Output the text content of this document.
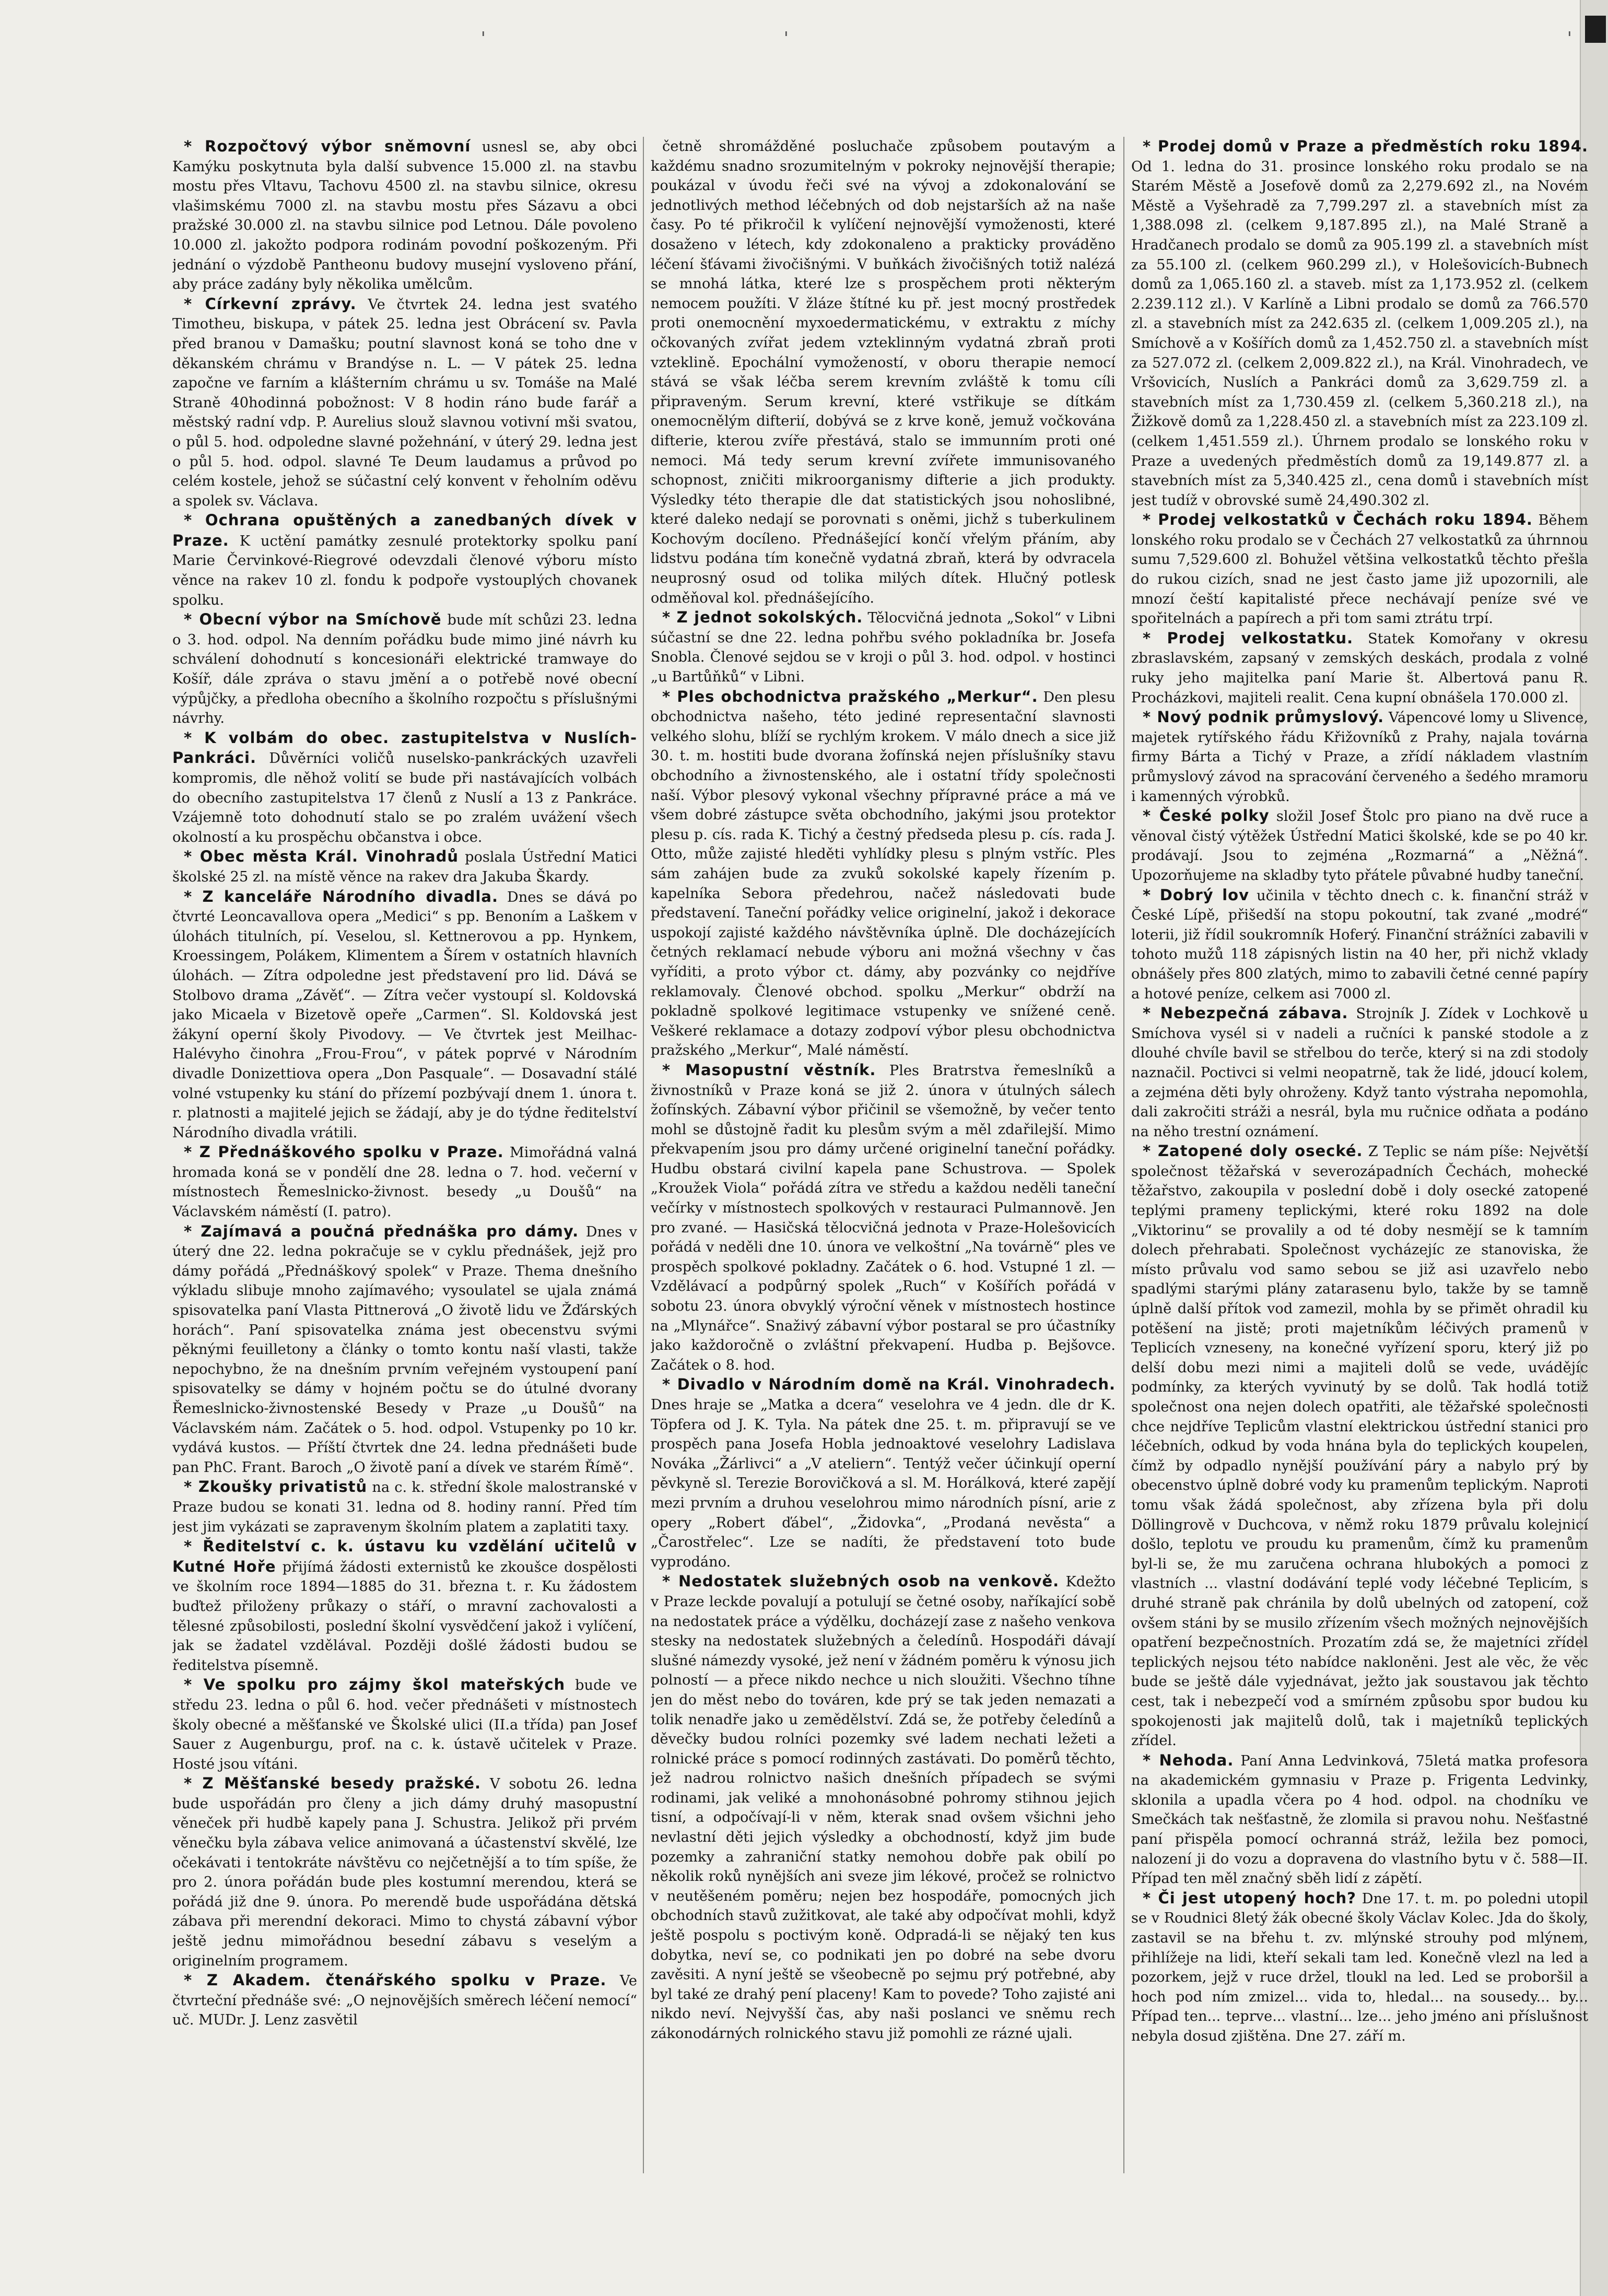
ˈ	ˈ	ˈ

* Rozpočtový výbor sněmovní usnesl se, aby obci Kamýku poskytnuta byla další subvence 15.000 zl. na stavbu mostu přes Vltavu, Tachovu 4500 zl. na stavbu silnice, okresu vlašimskému 7000 zl. na stavbu mostu přes Sázavu a obci pražské 30.000 zl. na stavbu silnice pod Letnou. Dále povoleno 10.000 zl. jakožto podpora rodinám povodní poškozeným. Při jednání o výzdobě Pantheonu budovy musejní vysloveno přání, aby práce zadány byly několika umělcům.

* Církevní zprávy. Ve čtvrtek 24. ledna jest svatého Timotheu, biskupa, v pátek 25. ledna jest Obrácení sv. Pavla před branou v Damašku; poutní slavnost koná se toho dne v děkanském chrámu v Brandýse n. L. — V pátek 25. ledna započne ve farním a klášterním chrámu u sv. Tomáše na Malé Straně 40hodinná pobožnost: V 8 hodin ráno bude farář a městský radní vdp. P. Aurelius slouž slavnou votivní mši svatou, o půl 5. hod. odpoledne slavné požehnání, v úterý 29. ledna jest o půl 5. hod. odpol. slavné Te Deum laudamus a průvod po celém kostele, jehož se súčastní celý konvent v řeholním oděvu a spolek sv. Václava.

* Ochrana opuštěných a zanedbaných dívek v Praze. K uctění památky zesnulé protektorky spolku paní Marie Červinkové-Riegrové odevzdali členové výboru místo věnce na rakev 10 zl. fondu k podpoře vystouplých chovanek spolku.

* Obecní výbor na Smíchově bude mít schůzi 23. ledna o 3. hod. odpol. Na denním pořádku bude mimo jiné návrh ku schválení dohodnutí s koncesionáři elektrické tramwaye do Košíř, dále zpráva o stavu jmění a o potřebě nové obecní výpůjčky, a předloha obecního a školního rozpočtu s příslušnými návrhy.

* K volbám do obec. zastupitelstva v Nuslích-Pankráci. Důvěrníci voličů nuselsko-pankráckých uzavřeli kompromis, dle něhož volití se bude při nastávajících volbách do obecního zastupitelstva 17 členů z Nuslí a 13 z Pankráce. Vzájemně toto dohodnutí stalo se po zralém uvážení všech okolností a ku prospěchu občanstva i obce.

* Obec města Král. Vinohradů poslala Ústřední Matici školské 25 zl. na místě věnce na rakev dra Jakuba Škardy.

* Z kanceláře Národního divadla. Dnes se dává po čtvrté Leoncavallova opera „Medici“ s pp. Benoním a Laškem v úlohách titulních, pí. Veselou, sl. Kettnerovou a pp. Hynkem, Kroessingem, Polákem, Klimentem a Šírem v ostatních hlavních úlohách. — Zítra odpoledne jest představení pro lid. Dává se Stolbovo drama „Závěť“. — Zítra večer vystoupí sl. Koldovská jako Micaela v Bizetově opeře „Carmen“. Sl. Koldovská jest žákyní operní školy Pivodovy. — Ve čtvrtek jest Meilhac-Halévyho činohra „Frou-Frou“, v pátek poprvé v Národním divadle Donizettiova opera „Don Pasquale“. — Dosavadní stálé volné vstupenky ku stání do přízemí pozbývají dnem 1. února t. r. platnosti a majitelé jejich se žádají, aby je do týdne ředitelství Národního divadla vrátili.

* Z Přednáškového spolku v Praze. Mimořádná valná hromada koná se v pondělí dne 28. ledna o 7. hod. večerní v místnostech Řemeslnicko-živnost. besedy „u Doušů“ na Václavském náměstí (I. patro).

* Zajímavá a poučná přednáška pro dámy. Dnes v úterý dne 22. ledna pokračuje se v cyklu přednášek, jejž pro dámy pořádá „Přednáškový spolek“ v Praze. Thema dnešního výkladu slibuje mnoho zajímavého; vysoulatel se ujala známá spisovatelka paní Vlasta Pittnerová „O životě lidu ve Žďárských horách“. Paní spisovatelka známa jest obecenstvu svými pěknými feuilletony a články o tomto kontu naší vlasti, takže nepochybno, že na dnešním prvním veřejném vystoupení paní spisovatelky se dámy v hojném počtu se do útulné dvorany Řemeslnicko-živnostenské Besedy v Praze „u Doušů“ na Václavském nám. Začátek o 5. hod. odpol. Vstupenky po 10 kr. vydává kustos. — Příští čtvrtek dne 24. ledna přednášeti bude pan PhC. Frant. Baroch „O životě paní a dívek ve starém Římě“.

* Zkoušky privatistů na c. k. střední škole malostranské v Praze budou se konati 31. ledna od 8. hodiny ranní. Před tím jest jim vykázati se zapravenym školním platem a zaplatiti taxy.

* Ředitelství c. k. ústavu ku vzdělání učitelů v Kutné Hoře přijímá žádosti externistů ke zkoušce dospělosti ve školním roce 1894—1885 do 31. března t. r. Ku žádostem buďtež přiloženy průkazy o stáří, o mravní zachovalosti a tělesné způsobilosti, poslední školní vysvědčení jakož i vylíčení, jak se žadatel vzdělával. Později došlé žádosti budou se ředitelstva písemně.

* Ve spolku pro zájmy škol mateřských bude ve středu 23. ledna o půl 6. hod. večer přednášeti v místnostech školy obecné a měšťanské ve Školské ulici (II.a třída) pan Josef Sauer z Augenburgu, prof. na c. k. ústavě učitelek v Praze. Hosté jsou vítáni.

* Z Měšťanské besedy pražské. V sobotu 26. ledna bude uspořádán pro členy a jich dámy druhý masopustní věneček při hudbě kapely pana J. Schustra. Jelikož při prvém věnečku byla zábava velice animovaná a účastenství skvělé, lze očekávati i tentokráte návštěvu co nejčetnější a to tím spíše, že pro 2. února pořádán bude ples kostumní merendou, která se pořádá již dne 9. února. Po merendě bude uspořádána dětská zábava při merendní dekoraci. Mimo to chystá zábavní výbor ještě jednu mimořádnou besední zábavu s veselým a originelním programem.

* Z Akadem. čtenářského spolku v Praze. Ve čtvrteční přednáše své: „O nejnovějších směrech léčení nemocí“ uč. MUDr. J. Lenz zasvětil

četně shromážděné posluchače způsobem poutavým a každému snadno srozumitelným v pokroky nejnovější therapie; poukázal v úvodu řeči své na vývoj a zdokonalování se jednotlivých method léčebných od dob nejstarších až na naše časy. Po té přikročil k vylíčení nejnovější vymoženosti, které dosaženo v létech, kdy zdokonaleno a prakticky prováděno léčení šťávami živočišnými. V buňkách živočišných totiž nalézá se mnohá látka, které lze s prospěchem proti některým nemocem použíti. V žláze štítné ku př. jest mocný prostředek proti onemocnění myxoedermatickému, v extraktu z míchy očkovaných zvířat jedem vzteklinným vydatná zbraň proti vzteklině. Epochální vymožeností, v oboru therapie nemocí stává se však léčba serem krevním zvláště k tomu cíli připraveným. Serum krevní, které vstřikuje se dítkám onemocnělým difterií, dobývá se z krve koně, jemuž vočkována difterie, kterou zvíře přestává, stalo se immunním proti oné nemoci. Má tedy serum krevní zvířete immunisovaného schopnost, zničiti mikroorganismy difterie a jich produkty. Výsledky této therapie dle dat statistických jsou nohoslibné, které daleko nedají se porovnati s oněmi, jichž s tuberkulinem Kochovým docíleno. Přednášející končí vřelým přáním, aby lidstvu podána tím konečně vydatná zbraň, která by odvracela neuprosný osud od tolika milých dítek. Hlučný potlesk odměňoval kol. přednášejícího.

* Z jednot sokolských. Tělocvičná jednota „Sokol“ v Libni súčastní se dne 22. ledna pohřbu svého pokladníka br. Josefa Snobla. Členové sejdou se v kroji o půl 3. hod. odpol. v hostinci „u Bartůňků“ v Libni.

* Ples obchodnictva pražského „Merkur“. Den plesu obchodnictva našeho, této jediné representační slavnosti velkého slohu, blíží se rychlým krokem. V málo dnech a sice již 30. t. m. hostiti bude dvorana žofínská nejen příslušníky stavu obchodního a živnostenského, ale i ostatní třídy společnosti naší. Výbor plesový vykonal všechny přípravné práce a má ve všem dobré zástupce světa obchodního, jakými jsou protektor plesu p. cís. rada K. Tichý a čestný předseda plesu p. cís. rada J. Otto, může zajisté hleděti vyhlídky plesu s plným vstříc. Ples sám zahájen bude za zvuků sokolské kapely řízením p. kapelníka Sebora předehrou, načež následovati bude představení. Taneční pořádky velice originelní, jakož i dekorace uspokojí zajisté každého návštěvníka úplně. Dle docházejících četných reklamací nebude výboru ani možná všechny v čas vyříditi, a proto výbor ct. dámy, aby pozvánky co nejdříve reklamovaly. Členové obchod. spolku „Merkur“ obdrží na pokladně spolkové legitimace vstupenky ve snížené ceně. Veškeré reklamace a dotazy zodpoví výbor plesu obchodnictva pražského „Merkur“, Malé náměstí.

* Masopustní věstník. Ples Bratrstva řemeslníků a živnostníků v Praze koná se již 2. února v útulných sálech žofínských. Zábavní výbor přičinil se všemožně, by večer tento mohl se důstojně řadit ku plesům svým a měl zdařilejší. Mimo překvapením jsou pro dámy určené originelní taneční pořádky. Hudbu obstará civilní kapela pane Schustrova. — Spolek „Kroužek Viola“ pořádá zítra ve středu a každou neděli taneční večírky v místnostech spolkových v restauraci Pulmannově. Jen pro zvané. — Hasičská tělocvičná jednota v Praze-Holešovicích pořádá v neděli dne 10. února ve velkoštní „Na továrně“ ples ve prospěch spolkové pokladny. Začátek o 6. hod. Vstupné 1 zl. — Vzdělávací a podpůrný spolek „Ruch“ v Košířích pořádá v sobotu 23. února obvyklý výroční věnek v místnostech hostince na „Mlynářce“. Snaživý zábavní výbor postaral se pro účastníky jako každoročně o zvláštní překvapení. Hudba p. Bejšovce. Začátek o 8. hod.

* Divadlo v Národním domě na Král. Vinohradech. Dnes hraje se „Matka a dcera“ veselohra ve 4 jedn. dle dr K. Töpfera od J. K. Tyla. Na pátek dne 25. t. m. připravují se ve prospěch pana Josefa Hobla jednoaktové veselohry Ladislava Nováka „Žárlivci“ a „V ateliern“. Tentýž večer účinkují operní pěvkyně sl. Terezie Borovičková a sl. M. Horálková, které zapějí mezi prvním a druhou veselohrou mimo národních písní, arie z opery „Robert ďábel“, „Židovka“, „Prodaná nevěsta“ a „Čarostřelec“. Lze se nadíti, že představení toto bude vyprodáno.

* Nedostatek služebných osob na venkově. Kdežto v Praze leckde povalují a potulují se četné osoby, naříkající sobě na nedostatek práce a výdělku, docházejí zase z našeho venkova stesky na nedostatek služebných a čeledínů. Hospodáři dávají slušné námezdy vysoké, jež není v žádném poměru k výnosu jich polností — a přece nikdo nechce u nich sloužiti. Všechno tíhne jen do měst nebo do továren, kde prý se tak jeden nemazati a tolik nenadře jako u zemědělství. Zdá se, že potřeby čeledínů a děvečky budou rolníci pozemky své ladem nechati ležeti a rolnické práce s pomocí rodinných zastávati. Do poměrů těchto, jež nadrou rolnictvo našich dnešních případech se svými rodinami, jak veliké a mnohonásobné pohromy stihnou jejich tisní, a odpočívají-li v něm, kterak snad ovšem všichni jeho nevlastní děti jejich výsledky a obchodností, když jim bude pozemky a zahraniční statky nemohou dobře pak obilí po několik roků nynějších ani sveze jim lékové, pročež se rolnictvo v neutěšeném poměru; nejen bez hospodáře, pomocných jich obchodních stavů zužitkovat, ale také aby odpočívat mohli, když ještě pospolu s poctivým koně. Odpradá-li se nějaký ten kus dobytka, neví se, co podnikati jen po dobré na sebe dvoru zavěsiti. A nyní ještě se všeobecně po sejmu prý potřebné, aby byl také ze drahý pení placeny! Kam to povede? Toho zajisté ani nikdo neví. Nejvyšší čas, aby naši poslanci ve sněmu rech zákonodárných rolnického stavu již pomohli ze rázné ujali.

* Prodej domů v Praze a předměstích roku 1894. Od 1. ledna do 31. prosince lonského roku prodalo se na Starém Městě a Josefově domů za 2,279.692 zl., na Novém Městě a Vyšehradě za 7,799.297 zl. a stavebních míst za 1,388.098 zl. (celkem 9,187.895 zl.), na Malé Straně a Hradčanech prodalo se domů za 905.199 zl. a stavebních míst za 55.100 zl. (celkem 960.299 zl.), v Holešovicích-Bubnech domů za 1,065.160 zl. a staveb. míst za 1,173.952 zl. (celkem 2.239.112 zl.). V Karlíně a Libni prodalo se domů za 766.570 zl. a stavebních míst za 242.635 zl. (celkem 1,009.205 zl.), na Smíchově a v Košířích domů za 1,452.750 zl. a stavebních míst za 527.072 zl. (celkem 2,009.822 zl.), na Král. Vinohradech, ve Vršovicích, Nuslích a Pankráci domů za 3,629.759 zl. a stavebních míst za 1,730.459 zl. (celkem 5,360.218 zl.), na Žižkově domů za 1,228.450 zl. a stavebních míst za 223.109 zl. (celkem 1,451.559 zl.). Úhrnem prodalo se lonského roku v Praze a uvedených předměstích domů za 19,149.877 zl. a stavebních míst za 5,340.425 zl., cena domů i stavebních míst jest tudíž v obrovské sumě 24,490.302 zl.

* Prodej velkostatků v Čechách roku 1894. Během lonského roku prodalo se v Čechách 27 velkostatků za úhrnnou sumu 7,529.600 zl. Bohužel většina velkostatků těchto přešla do rukou cizích, snad ne jest často jame již upozornili, ale mnozí čeští kapitalisté přece nechávají peníze své ve spořitelnách a papírech a při tom sami ztrátu trpí.

* Prodej velkostatku. Statek Komořany v okresu zbraslavském, zapsaný v zemských deskách, prodala z volné ruky jeho majitelka paní Marie št. Albertová panu R. Procházkovi, majiteli realit. Cena kupní obnášela 170.000 zl.

* Nový podnik průmyslový. Vápencové lomy u Slivence, majetek rytířského řádu Křižovníků z Prahy, najala továrna firmy Bárta a Tichý v Praze, a zřídí nákladem vlastním průmyslový závod na spracování červeného a šedého mramoru i kamenných výrobků.

* České polky složil Josef Štolc pro piano na dvě ruce a věnoval čistý výtěžek Ústřední Matici školské, kde se po 40 kr. prodávají. Jsou to zejména „Rozmarná“ a „Něžná“. Upozorňujeme na skladby tyto přátele půvabné hudby taneční.

* Dobrý lov učinila v těchto dnech c. k. finanční stráž v České Lípě, přišedší na stopu pokoutní, tak zvané „modré“ loterii, již řídil soukromník Hoferý. Finanční strážníci zabavili v tohoto mužů 118 zápisných listin na 40 her, při nichž vklady obnášely přes 800 zlatých, mimo to zabavili četné cenné papíry a hotové peníze, celkem asi 7000 zl.

* Nebezpečná zábava. Strojník J. Zídek v Lochkově u Smíchova vysél si v nadeli a ručníci k panské stodole a z dlouhé chvíle bavil se střelbou do terče, který si na zdi stodoly naznačil. Poctivci si velmi neopatrně, tak že lidé, jdoucí kolem, a zejména děti byly ohroženy. Když tanto výstraha nepomohla, dali zakročiti stráži a nesrál, byla mu ručnice odňata a podáno na něho trestní oznámení.

* Zatopené doly osecké. Z Teplic se nám píše: Největší společnost těžařská v severozápadních Čechách, mohecké těžařstvo, zakoupila v poslední době i doly osecké zatopené teplými prameny teplickými, které roku 1892 na dole „Viktorinu“ se provalily a od té doby nesmějí se k tamním dolech přehrabati. Společnost vycházejíc ze stanoviska, že místo průvalu vod samo sebou se již asi uzavřelo nebo spadlými starými plány zatarasenu bylo, takže by se tamně úplně další přítok vod zamezil, mohla by se přimět ohradil ku potěšení na jistě; proti majetníkům léčivých pramenů v Teplicích vzneseny, na konečné vyřízení sporu, který již po delší dobu mezi nimi a majiteli dolů se vede, uvádějíc podmínky, za kterých vyvinutý by se dolů. Tak hodlá totiž společnost ona nejen dolech opatřiti, ale těžařské společnosti chce nejdříve Teplicům vlastní elektrickou ústřední stanici pro léčebních, odkud by voda hnána byla do teplických koupelen, čímž by odpadlo nynější používání páry a nabylo prý by obecenstvo úplně dobré vody ku pramenům teplickým. Naproti tomu však žádá společnost, aby zřízena byla při dolu Döllingrově v Duchcova, v němž roku 1879 průvalu kolejnicí došlo, teplotu ve proudu ku pramenům, čímž ku pramenům byl-li se, že mu zaručena ochrana hlubokých a pomoci z vlastních ... vlastní dodávání teplé vody léčebné Teplicím, s druhé straně pak chránila by dolů ubelných od zatopení, což ovšem stáni by se musilo zřízením všech možných nejnovějších opatření bezpečnostních. Prozatím zdá se, že majetníci zřídel teplických nejsou této nabídce nakloněni. Jest ale věc, že věc bude se ještě dále vyjednávat, ježto jak soustavou jak těchto cest, tak i nebezpečí vod a smírném způsobu spor budou ku spokojenosti jak majitelů dolů, tak i majetníků teplických zřídel.

* Nehoda. Paní Anna Ledvinková, 75letá matka profesora na akademickém gymnasiu v Praze p. Frigenta Ledvinky, sklonila a upadla včera po 4 hod. odpol. na chodníku ve Smečkách tak nešťastně, že zlomila si pravou nohu. Nešťastné paní přispěla pomocí ochranná stráž, ležila bez pomoci, nalození ji do vozu a dopravena do vlastního bytu v č. 588—II. Případ ten měl značný sběh lidí z zápětí.

* Či jest utopený hoch? Dne 17. t. m. po poledni utopil se v Roudnici 8letý žák obecné školy Václav Kolec. Jda do školy, zastavil se na břehu t. zv. mlýnské strouhy pod mlýnem, přihlížeje na lidi, kteří sekali tam led. Konečně vlezl na led a pozorkem, jejž v ruce držel, tloukl na led. Led se proboršil a hoch pod ním zmizel... vida to, hledal... na sousedy... by... Případ ten... teprve... vlastní... lze... jeho jméno ani příslušnost nebyla dosud zjištěna. Dne 27. září m.
